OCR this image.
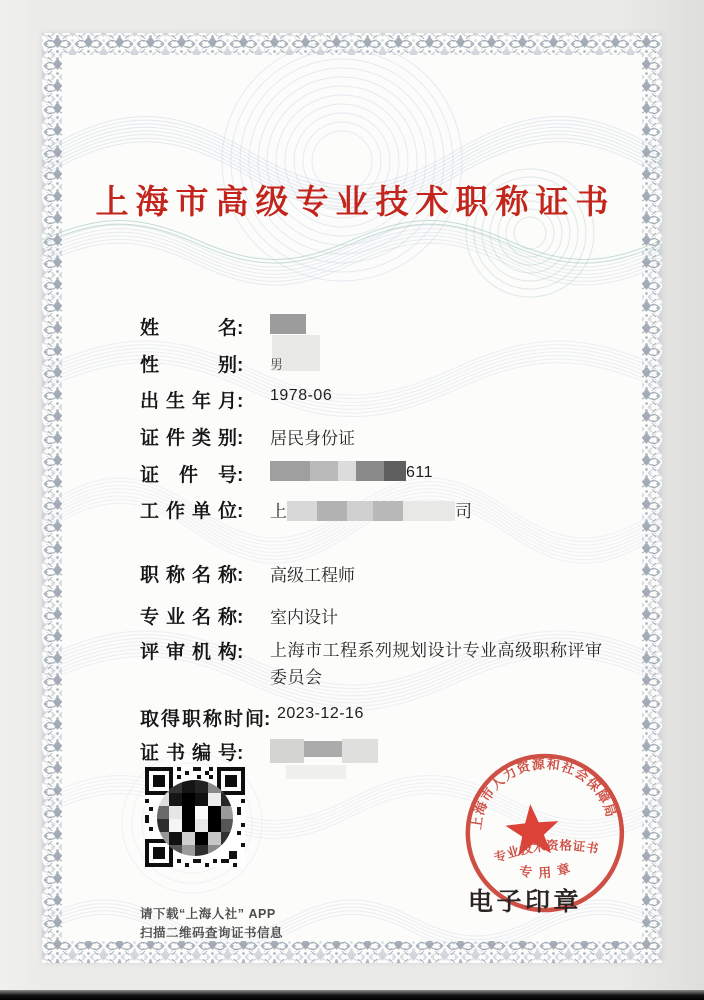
上海市高级专业技术职称证书
姓名:
性别: 男
出生年月: 1978-06
证件类别: 居民身份证
证件号:	611
工作单位: 上	司
职称名称: 高级工程师
专业名称: 室内设计
评审机构: 上海市工程系列规划设计专业高级职称评审委员会
取得职称时间: 2023-12-16
证书编号:
请下载“上海人社” APP
扫描二维码查询证书信息
上海市人力资源和社会保障局
专业技术资格证书
专用章
电子印章
